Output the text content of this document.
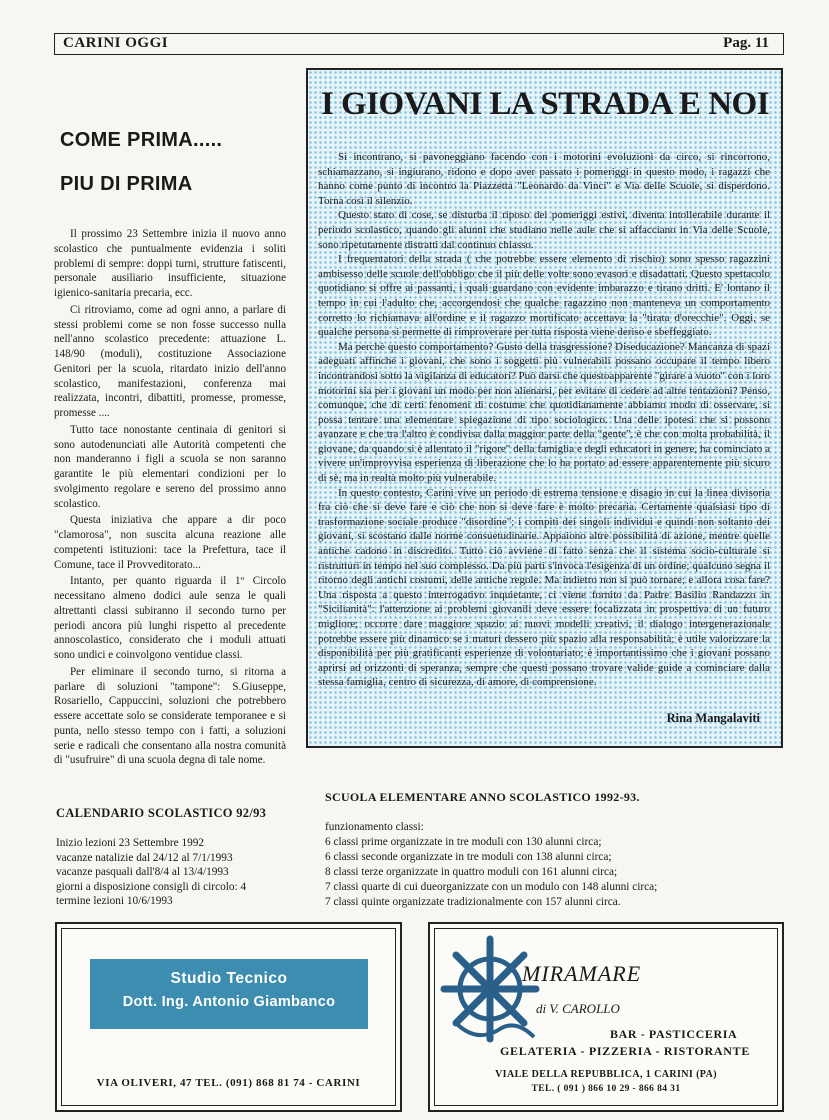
CARINI OGGI	Pag. 11
COME PRIMA.....
PIU DI PRIMA

Il prossimo 23 Settembre inizia il nuovo anno scolastico che puntualmente evidenzia i soliti problemi di sempre: doppi turni, strutture fatiscenti, personale ausiliario insufficiente, situazione igienico-sanitaria precaria, ecc.

Ci ritroviamo, come ad ogni anno, a parlare di stessi problemi come se non fosse successo nulla nell'anno scolastico precedente: attuazione L. 148/90 (moduli), costituzione Associazione Genitori per la scuola, ritardato inizio dell'anno scolastico, manifestazioni, conferenza mai realizzata, incontri, dibattiti, promesse, promesse, promesse ....

Tutto tace nonostante centinaia di genitori si sono autodenunciati alle Autorità competenti che non manderanno i figli a scuola se non saranno garantite le più elementari condizioni per lo svolgimento regolare e sereno del prossimo anno scolastico.

Questa iniziativa che appare a dir poco "clamorosa", non suscita alcuna reazione alle competenti istituzioni: tace la Prefettura, tace il Comune, tace il Provveditorato...

Intanto, per quanto riguarda il 1º Circolo necessitano almeno dodici aule senza le quali altrettanti classi subiranno il secondo turno per periodi ancora più lunghi rispetto al precedente annoscolastico, considerato che i moduli attuati sono undici e coinvolgono ventidue classi.

Per eliminare il secondo turno, si ritorna a parlare di soluzioni "tampone": S.Giuseppe, Rosariello, Cappuccini, soluzioni che potrebbero essere accettate solo se considerate temporanee e si punta, nello stesso tempo con i fatti, a soluzioni serie e radicali che consentano alla nostra comunità di "usufruire" di una scuola degna di tale nome.

CALENDARIO SCOLASTICO 92/93
Inizio lezioni 23 Settembre 1992
vacanze natalizie dal 24/12 al 7/1/1993
vacanze pasquali dall'8/4 al 13/4/1993
giorni a disposizione consigli di circolo: 4
termine lezioni 10/6/1993
I GIOVANI LA STRADA E NOI

Si incontrano, si pavoneggiano facendo con i motorini evoluzioni da circo, si rincorrono, schiamazzano, si ingiurano, ridono e dopo aver passato i pomeriggi in questo modo, i ragazzi che hanno come punto di incontro la Piazzetta "Leonardo da Vinci" e Via delle Scuole, si disperdono. Torna così il silenzio.

Questo stato di cose, se disturba il riposo dei pomeriggi estivi, diventa intollerabile durante il periodo scolastico, quando gli alunni che studiano nelle aule che si affacciano in Via delle Scuole, sono ripetutamente distratti dal continuo chiasso.

I frequentatori della strada ( che potrebbe essere elemento di rischio) sono spesso ragazzini ambisesso delle scuole dell'obbligo che il più delle volte sono evasori e disadattati. Questo spettacolo quotidiano si offre ai passanti, i quali guardano con evidente imbarazzo e tirano dritti. E' lontano il tempo in cui l'adulto che, accorgendosi che qualche ragazzino non manteneva un comportamento corretto lo richiamava all'ordine e il ragazzo mortificato accettava la "tirata d'orecchie". Oggi, se qualche persona si permette di rimproverare per tutta risposta viene deriso e sbeffeggiato.

Ma perchè questo comportamento? Gusto della trasgressione? Diseducazione? Mancanza di spazi adeguati affinchè i giovani, che sono i soggetti più vulnerabili possano occupare il tempo libero incontrandosi sotto la vigilanza di educatori? Può darsi che questoapparente "girare a vuoto" con i loro motorini sia per i giovani un modo per non alienarsi, per evitare di cedere ad altre tentazioni? Penso, comunque, che di certi fenomeni di costume che quotidianamente abbiamo modo di osservare, si possa tentare una elementare spiegazione di tipo sociologico. Una delle ipotesi che si possono avanzare e che tra l'altro è condivisa dalla maggior parte della "gente", è che con molta probabilità, il giovane, da quando si è allentato il "rigore" della famiglia e degli educatori in genere, ha cominciato a vivere un'improvvisa esperienza di liberazione che lo ha portato ad essere apparentemente più sicuro di sè, ma in realtà molto più vulnerabile.

In questo contesto, Carini vive un periodo di estrema tensione e disagio in cui la linea divisoria fra ciò che si deve fare e ciò che non si deve fare è molto precaria. Certamente qualsiasi tipo di trasformazione sociale produce "disordine"; i compiti dei singoli individui e quindi non soltanto dei giovani, si scostano dalle norme consuetudinarie. Appaiono altre possibilità di azione, mentre quelle antiche cadono in discredito. Tutto ciò avviene di fatto senza che il sistema socio-culturale si ristrutturi in tempo nel suo complesso. Da più parti s'invoca l'esigenza di un ordine; qualcuno segna il ritorno degli antichi costumi, delle antiche regole. Ma indietro non si può tornare; e allora cosa fare? Una risposta a questo interrogativo inquietante, ci viene fornito da Padre Basilio Randazzo in "Sicilianità": l'attenzione ai problemi giovanili deve essere focalizzata in prospettiva di un futuro migliore; occorre dare maggiore spazio ai nuovi modelli creativi, il dialogo intergenerazionale potrebbe essere più dinamico se i maturi dessero più spazio alla responsabilità; è utile valorizzare la disponibilità per più gratificanti esperienze di volontariato; è importantissimo che i giovani possano aprirsi ad orizzonti di speranza, sempre che questi possano trovare valide guide a cominciare dalla stessa famiglia, centro di sicurezza, di amore, di comprensione.

Rina Mangalaviti
SCUOLA ELEMENTARE ANNO SCOLASTICO 1992-93.
funzionamento classi:
6 classi prime organizzate in tre moduli con 130 alunni circa;
6 classi seconde organizzate in tre moduli con 138 alunni circa;
8 classi terze organizzate in quattro moduli con 161 alunni circa;
7 classi quarte di cui dueorganizzate con un modulo con 148 alunni circa;
7 classi quinte organizzate tradizionalmente con 157 alunni circa.
Studio Tecnico
Dott. Ing. Antonio Giambanco
VIA OLIVERI, 47 TEL. (091) 868 81 74 - CARINI
MIRAMARE
di V. CAROLLO
BAR - PASTICCERIA
GELATERIA - PIZZERIA - RISTORANTE
VIALE DELLA REPUBBLICA, 1 CARINI (PA)
TEL. ( 091 ) 866 10 29 - 866 84 31
